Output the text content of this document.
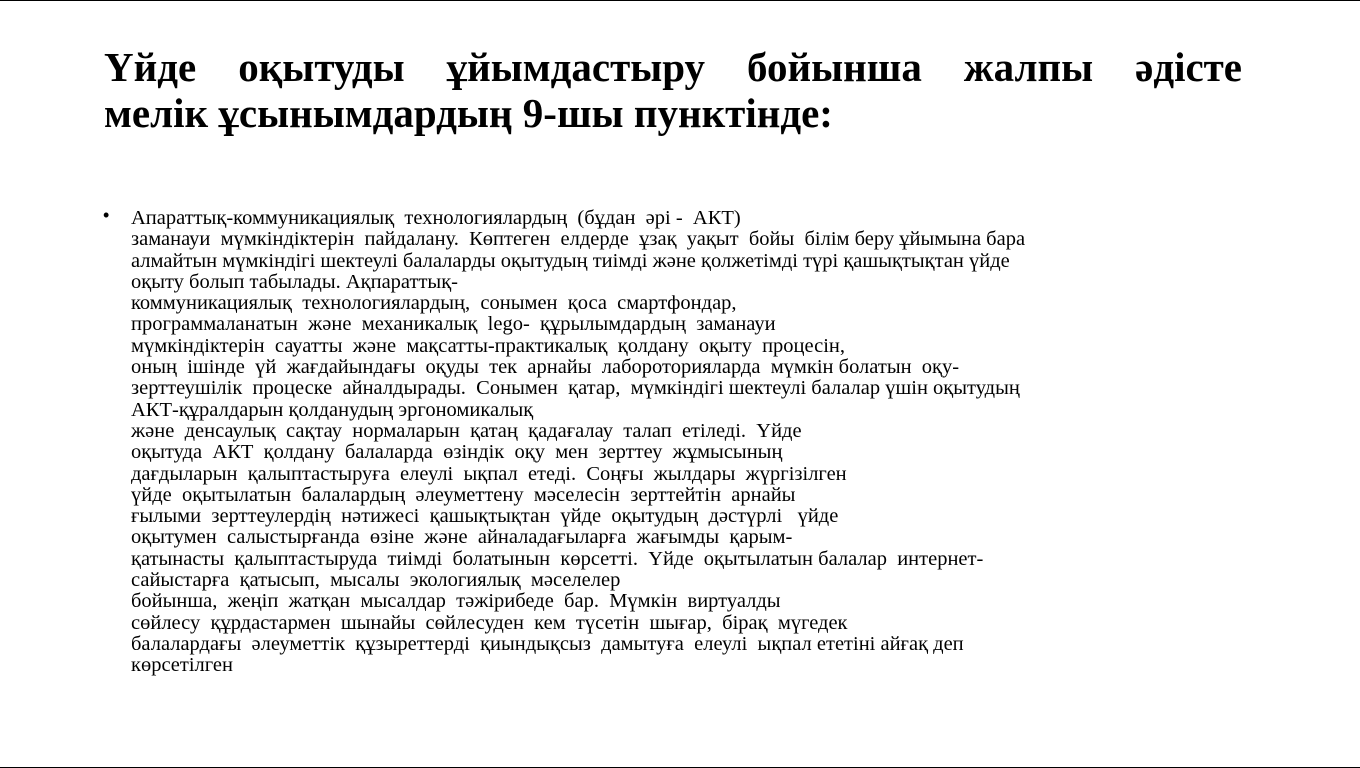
Үйде оқытуды ұйымдастыру бойынша жалпы әдісте
мелік ұсынымдардың 9-шы пунктінде:
• Апараттық-коммуникациялық  технологиялардың  (бұдан  әрі -  АКТ)
заманауи  мүмкіндіктерін  пайдалану.  Көптеген  елдерде  ұзақ  уақыт  бойы  білім беру ұйымына бара
алмайтын мүмкіндігі шектеулі балаларды оқытудың тиімді және қолжетімді түрі қашықтықтан үйде
оқыту болып табылады. Ақпараттық-
коммуникациялық  технологиялардың,  сонымен  қоса  смартфондар,
программаланатын  және  механикалық  lego-  құрылымдардың  заманауи
мүмкіндіктерін  сауатты  және  мақсатты-практикалық  қолдану  оқыту  процесін,
оның  ішінде  үй  жағдайындағы  оқуды  тек  арнайы  лабороторияларда  мүмкін болатын  оқу-
зерттеушілік  процеске  айналдырады.  Сонымен  қатар,  мүмкіндігі шектеулі балалар үшін оқытудың
АКТ-құралдарын қолданудың эргономикалық
және  денсаулық  сақтау  нормаларын  қатаң  қадағалау  талап  етіледі.  Үйде
оқытуда  АКТ  қолдану  балаларда  өзіндік  оқу  мен  зерттеу  жұмысының
дағдыларын  қалыптастыруға  елеулі  ықпал  етеді.  Соңғы  жылдары  жүргізілген
үйде  оқытылатын  балалардың  әлеуметтену  мәселесін  зерттейтін  арнайы
ғылыми  зерттеулердің  нәтижесі  қашықтықтан  үйде  оқытудың  дәстүрлі   үйде
оқытумен  салыстырғанда  өзіне  және  айналадағыларға  жағымды  қарым-
қатынасты  қалыптастыруда  тиімді  болатынын  көрсетті.  Үйде  оқытылатын балалар  интернет-
сайыстарға  қатысып,  мысалы  экологиялық  мәселелер
бойынша,  жеңіп  жатқан  мысалдар  тәжірибеде  бар.  Мүмкін  виртуалды
сөйлесу  құрдастармен  шынайы  сөйлесуден  кем  түсетін  шығар,  бірақ  мүгедек
балалардағы  әлеуметтік  құзыреттерді  қиындықсыз  дамытуға  елеулі  ықпал ететіні айғақ деп
көрсетілген
